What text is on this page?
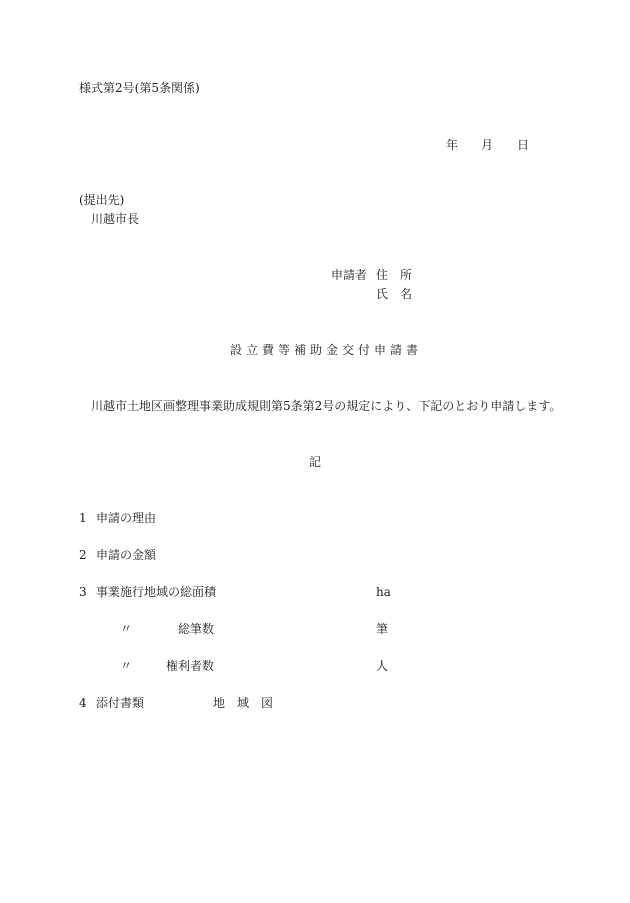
様式第2号(第5条関係)
年 月 日
(提出先)
川越市長
申請者 住　所
氏　名
設立費等補助金交付申請書
川越市土地区画整理事業助成規則第5条第2号の規定により、下記のとおり申請します。
記
1 申請の理由
2 申請の金額
3 事業施行地域の総面積	ha
〃	総筆数	筆
〃	権利者数	人
4 添付書類	地　域　図
